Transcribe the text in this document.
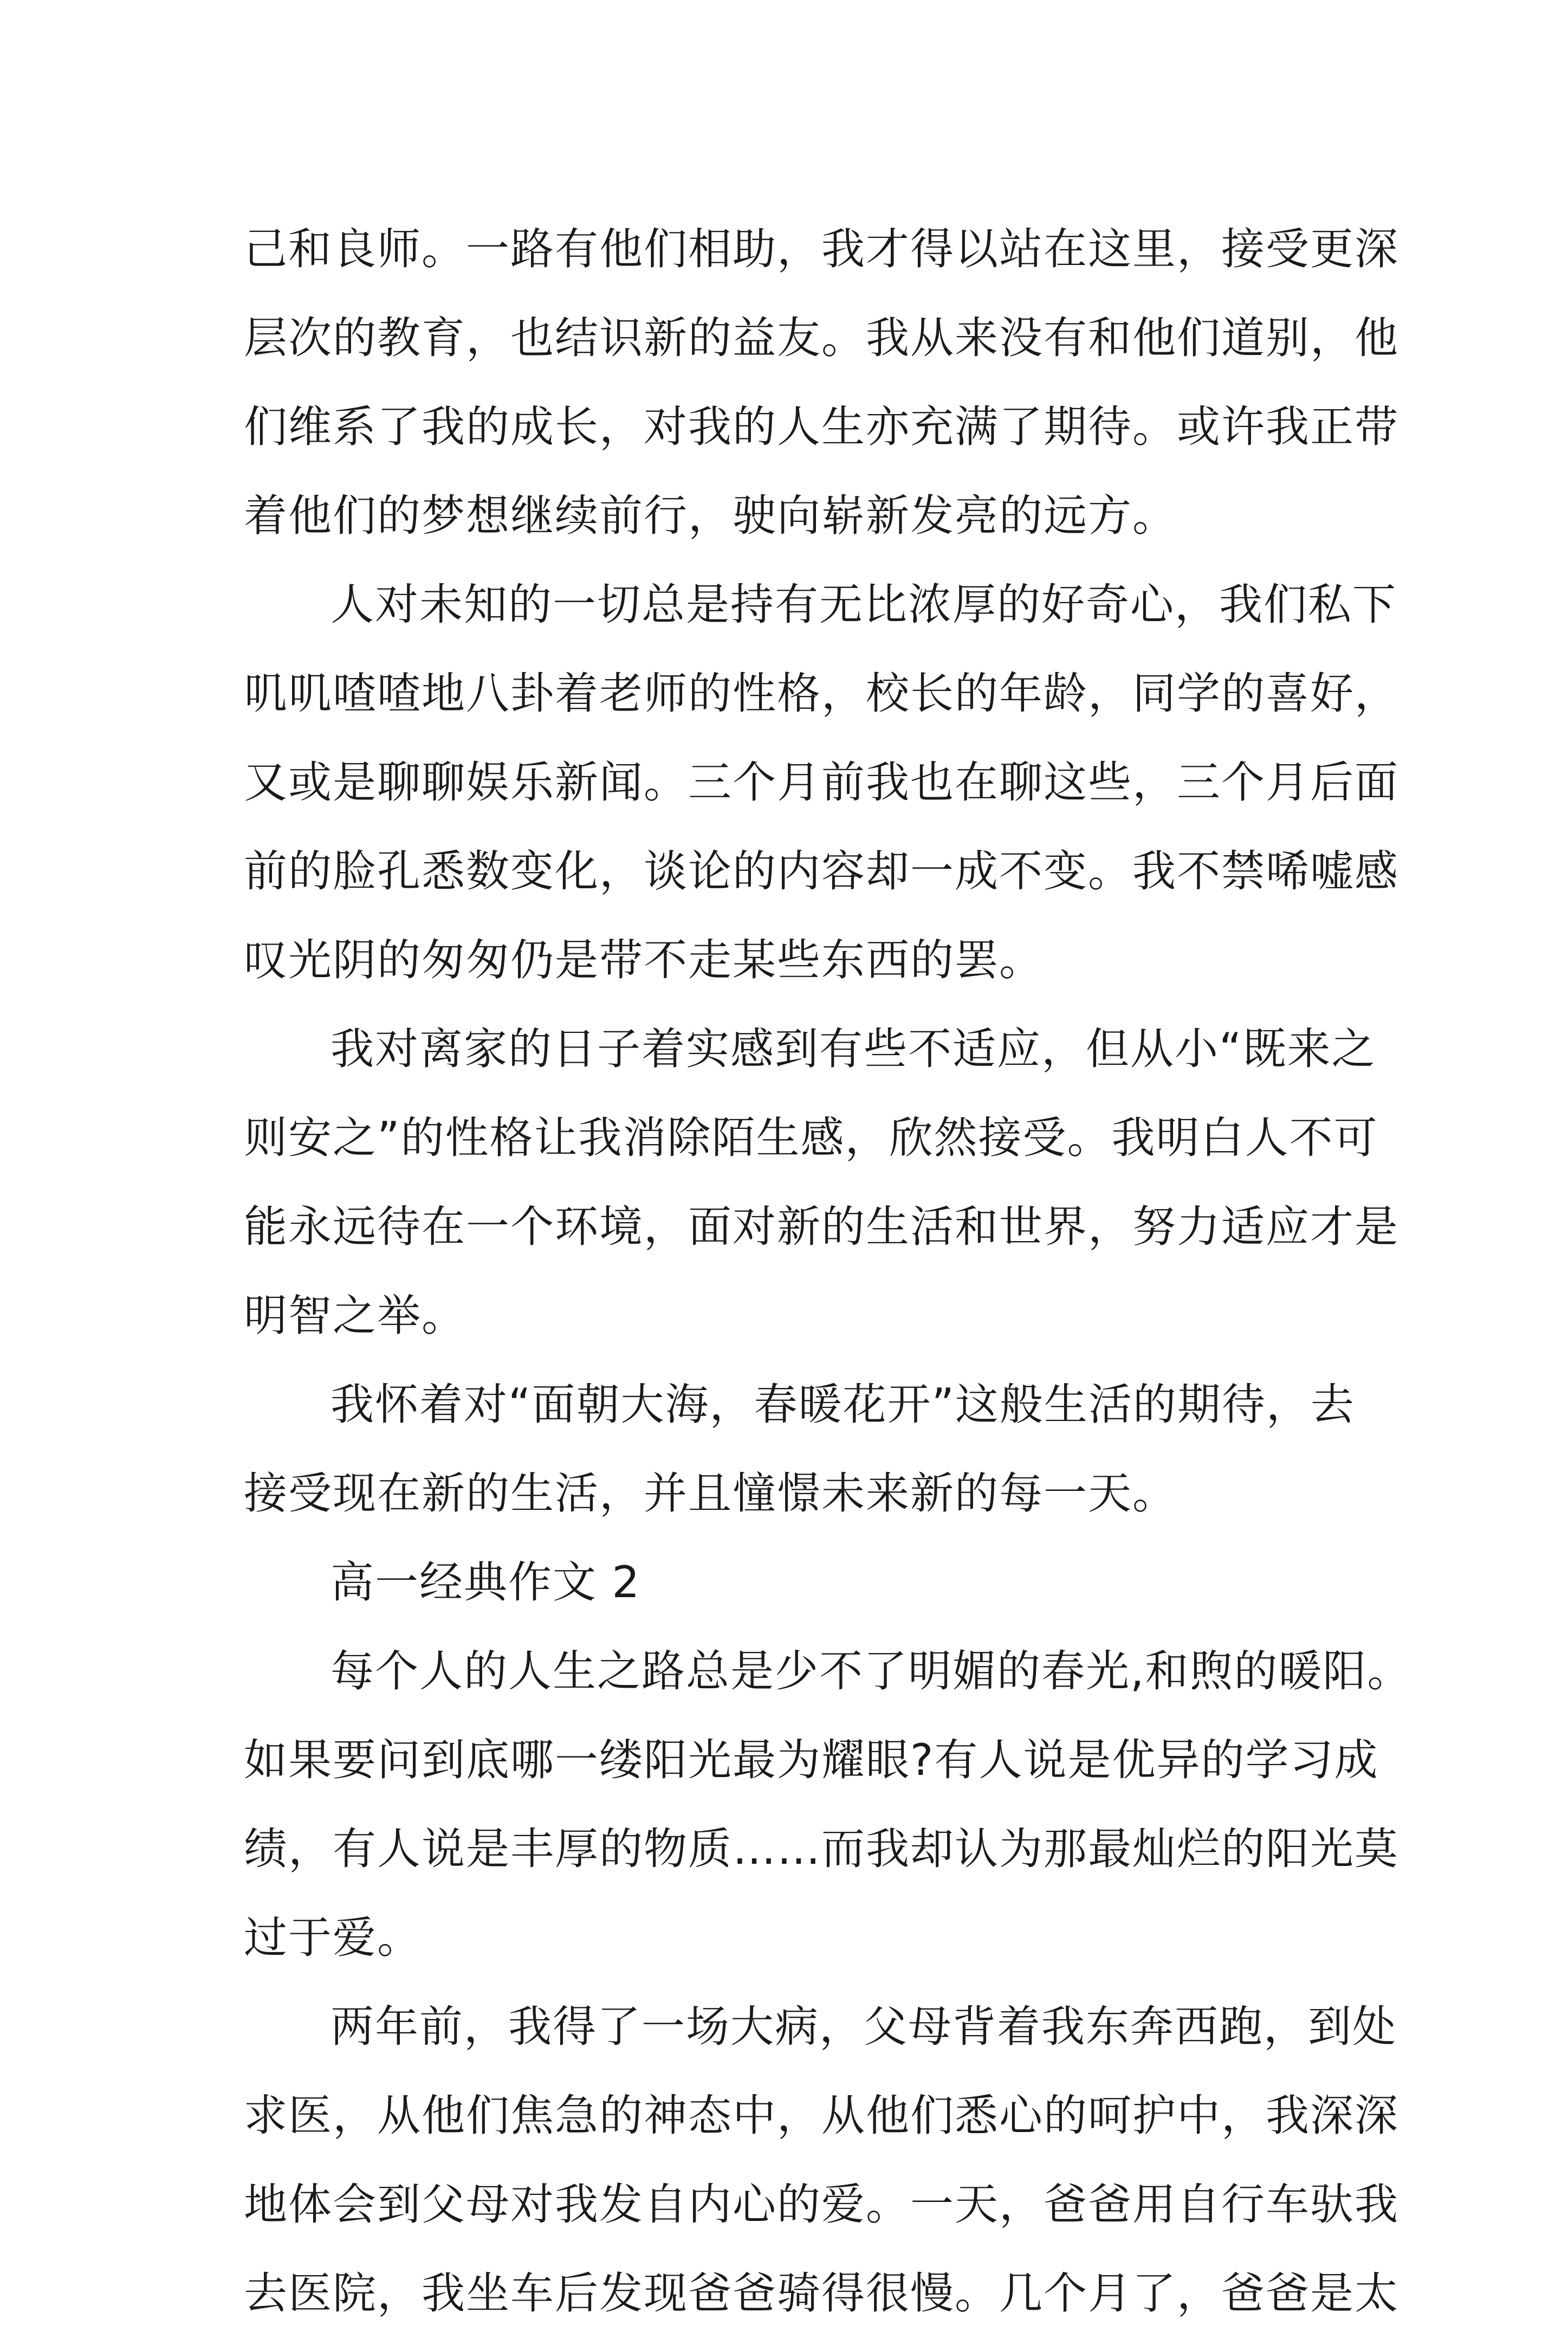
己和良师。一路有他们相助，我才得以站在这里，接受更深
层次的教育，也结识新的益友。我从来没有和他们道别，他
们维系了我的成长，对我的人生亦充满了期待。或许我正带
着他们的梦想继续前行，驶向崭新发亮的远方。
人对未知的一切总是持有无比浓厚的好奇心，我们私下
叽叽喳喳地八卦着老师的性格，校长的年龄，同学的喜好，
又或是聊聊娱乐新闻。三个月前我也在聊这些，三个月后面
前的脸孔悉数变化，谈论的内容却一成不变。我不禁唏嘘感
叹光阴的匆匆仍是带不走某些东西的罢。
我对离家的日子着实感到有些不适应，但从小“既来之
则安之”的性格让我消除陌生感，欣然接受。我明白人不可
能永远待在一个环境，面对新的生活和世界，努力适应才是
明智之举。
我怀着对“面朝大海，春暖花开”这般生活的期待，去
接受现在新的生活，并且憧憬未来新的每一天。
高一经典作文 2
每个人的人生之路总是少不了明媚的春光,和煦的暖阳。
如果要问到底哪一缕阳光最为耀眼?有人说是优异的学习成
绩，有人说是丰厚的物质……而我却认为那最灿烂的阳光莫
过于爱。
两年前，我得了一场大病，父母背着我东奔西跑，到处
求医，从他们焦急的神态中，从他们悉心的呵护中，我深深
地体会到父母对我发自内心的爱。一天，爸爸用自行车驮我
去医院，我坐车后发现爸爸骑得很慢。几个月了，爸爸是太
